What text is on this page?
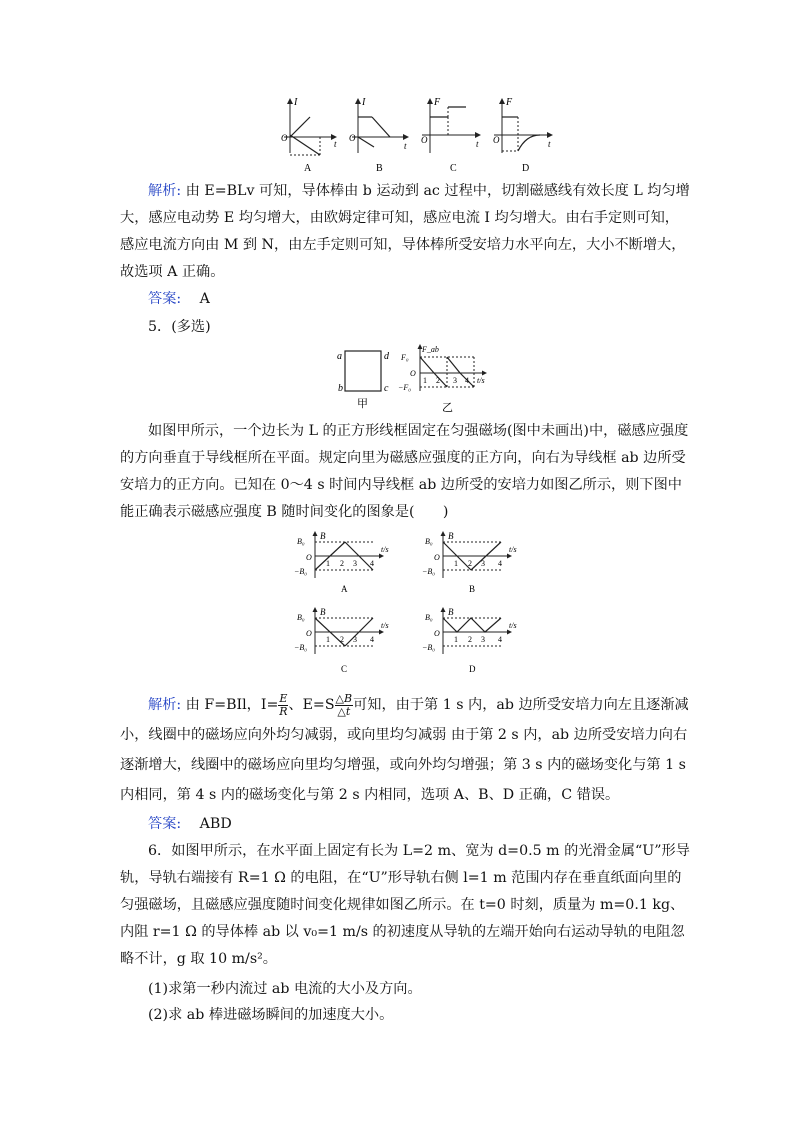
I
t
O
A
I
t
O
B
F
t
O
C
F
t
O
D
解析: 由 E=BLv 可知，导体棒由 b 运动到 ac 过程中，切割磁感线有效长度 L 均匀增大，感应电动势 E 均匀增大，由欧姆定律可知，感应电流 I 均匀增大。由右手定则可知，感应电流方向由 M 到 N，由左手定则可知，导体棒所受安培力水平向左，大小不断增大，故选项 A 正确。
答案: A
5．(多选)
a
b	c
d
甲
F_ab
F₀
O
−F₀
1 2 3 4 t/s
乙
如图甲所示，一个边长为 L 的正方形线框固定在匀强磁场(图中未画出)中，磁感应强度的方向垂直于导线框所在平面。规定向里为磁感应强度的正方向，向右为导线框 ab 边所受安培力的正方向。已知在 0～4 s 时间内导线框 ab 边所受的安培力如图乙所示，则下图中能正确表示磁感应强度 B 随时间变化的图象是(　　)
B
B₀
O
−B₀
1 2 3 4
t/s
A
B
B₀
O
−B₀
1 2 3 4
t/s
B
B
B₀
O
−B₀
1 2 3 4
t/s
C
B
B₀
O
−B₀
1 2 3 4
t/s
D
解析: 由 F=BIl，$I= \frac{E}{R}$ 、$E=S \frac{\triangle B}{\triangle t}$ 可知，由于第 1 s 内，ab 边所受安培力向左且逐渐减小，线圈中的磁场应向外均匀减弱，或向里均匀减弱 由于第 2 s 内，ab 边所受安培力向右逐渐增大，线圈中的磁场应向里均匀增强，或向外均匀增强；第 3 s 内的磁场变化与第 1 s 内相同，第 4 s 内的磁场变化与第 2 s 内相同，选项 A、B、D 正确，C 错误。
答案: ABD
6．如图甲所示，在水平面上固定有长为 L=2 m、宽为 d=0.5 m 的光滑金属“U”形导轨，导轨右端接有 R=1 Ω 的电阻，在“U”形导轨右侧 l=1 m 范围内存在垂直纸面向里的匀强磁场，且磁感应强度随时间变化规律如图乙所示。在 t=0 时刻，质量为 m=0.1 kg、内阻 r=1 Ω 的导体棒 ab 以 v₀=1 m/s 的初速度从导轨的左端开始向右运动导轨的电阻忽略不计，g 取 10 m/s²。
(1)求第一秒内流过 ab 电流的大小及方向。
(2)求 ab 棒进磁场瞬间的加速度大小。
